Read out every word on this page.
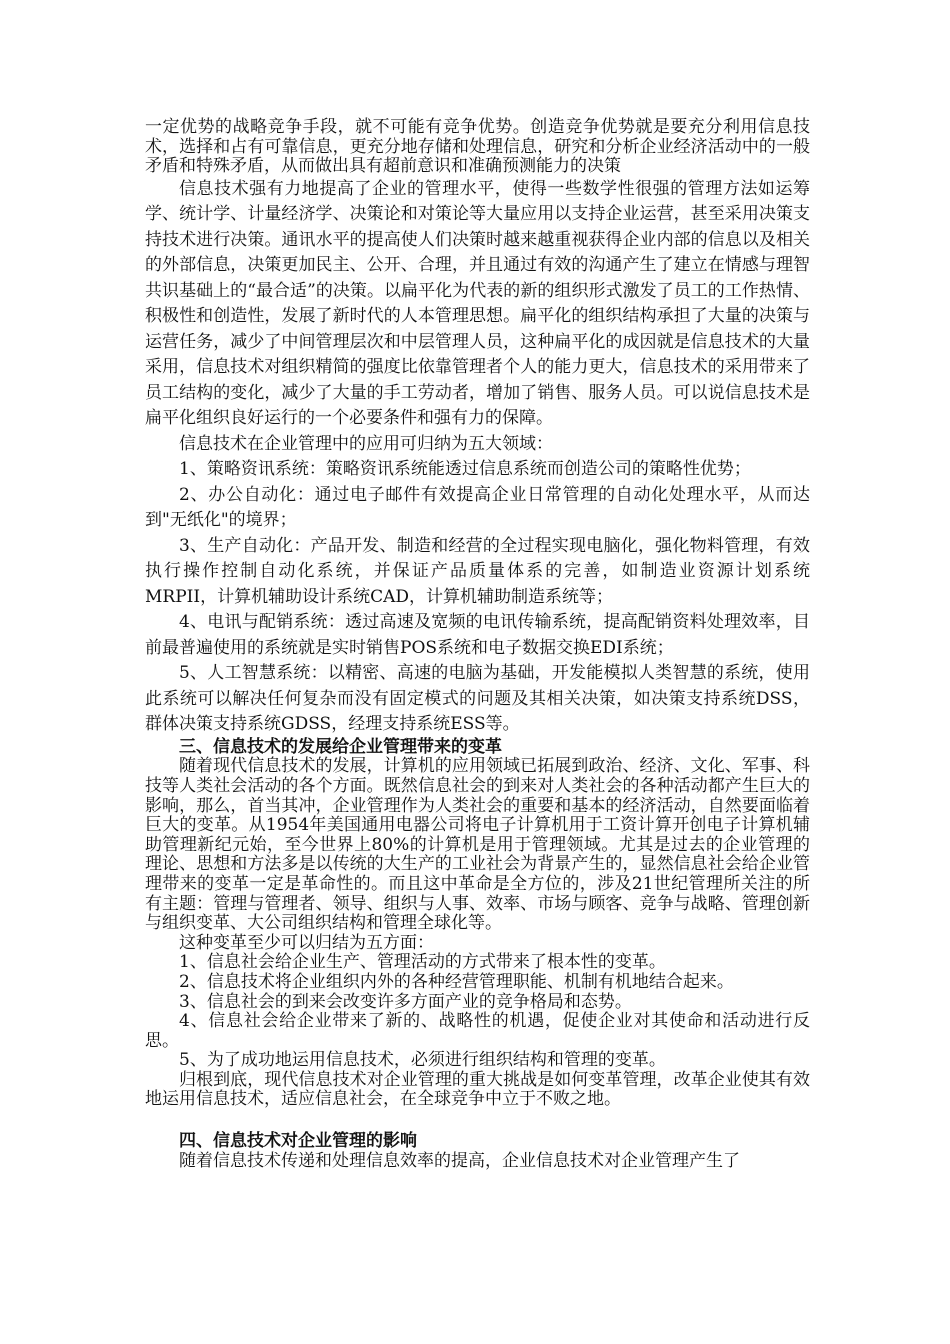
一定优势的战略竞争手段，就不可能有竞争优势。创造竞争优势就是要充分利用信息技术，选择和占有可靠信息，更充分地存储和处理信息，研究和分析企业经济活动中的一般矛盾和特殊矛盾，从而做出具有超前意识和准确预测能力的决策

信息技术强有力地提高了企业的管理水平，使得一些数学性很强的管理方法如运筹学、统计学、计量经济学、决策论和对策论等大量应用以支持企业运营，甚至采用决策支持技术进行决策。通讯水平的提高使人们决策时越来越重视获得企业内部的信息以及相关的外部信息，决策更加民主、公开、合理，并且通过有效的沟通产生了建立在情感与理智共识基础上的“最合适”的决策。以扁平化为代表的新的组织形式激发了员工的工作热情、积极性和创造性，发展了新时代的人本管理思想。扁平化的组织结构承担了大量的决策与运营任务，减少了中间管理层次和中层管理人员，这种扁平化的成因就是信息技术的大量采用，信息技术对组织精简的强度比依靠管理者个人的能力更大，信息技术的采用带来了员工结构的变化，减少了大量的手工劳动者，增加了销售、服务人员。可以说信息技术是扁平化组织良好运行的一个必要条件和强有力的保障。

信息技术在企业管理中的应用可归纳为五大领域：

1、策略资讯系统：策略资讯系统能透过信息系统而创造公司的策略性优势；

2、办公自动化：通过电子邮件有效提高企业日常管理的自动化处理水平，从而达到"无纸化"的境界；

3、生产自动化：产品开发、制造和经营的全过程实现电脑化，强化物料管理，有效执行操作控制自动化系统，并保证产品质量体系的完善，如制造业资源计划系统MRPII，计算机辅助设计系统CAD，计算机辅助制造系统等；

4、电讯与配销系统：透过高速及宽频的电讯传输系统，提高配销资料处理效率，目前最普遍使用的系统就是实时销售POS系统和电子数据交换EDI系统；

5、人工智慧系统：以精密、高速的电脑为基础，开发能模拟人类智慧的系统，使用此系统可以解决任何复杂而没有固定模式的问题及其相关决策，如决策支持系统DSS，群体决策支持系统GDSS，经理支持系统ESS等。

三、信息技术的发展给企业管理带来的变革

随着现代信息技术的发展，计算机的应用领域已拓展到政治、经济、文化、军事、科技等人类社会活动的各个方面。既然信息社会的到来对人类社会的各种活动都产生巨大的影响，那么，首当其冲，企业管理作为人类社会的重要和基本的经济活动，自然要面临着巨大的变革。从1954年美国通用电器公司将电子计算机用于工资计算开创电子计算机辅助管理新纪元始，至今世界上80%的计算机是用于管理领域。尤其是过去的企业管理的理论、思想和方法多是以传统的大生产的工业社会为背景产生的，显然信息社会给企业管理带来的变革一定是革命性的。而且这中革命是全方位的，涉及21世纪管理所关注的所有主题：管理与管理者、领导、组织与人事、效率、市场与顾客、竞争与战略、管理创新与组织变革、大公司组织结构和管理全球化等。

这种变革至少可以归结为五方面：

1、信息社会给企业生产、管理活动的方式带来了根本性的变革。

2、信息技术将企业组织内外的各种经营管理职能、机制有机地结合起来。

3、信息社会的到来会改变许多方面产业的竞争格局和态势。

4、信息社会给企业带来了新的、战略性的机遇，促使企业对其使命和活动进行反思。

5、为了成功地运用信息技术，必须进行组织结构和管理的变革。

归根到底，现代信息技术对企业管理的重大挑战是如何变革管理，改革企业使其有效地运用信息技术，适应信息社会，在全球竞争中立于不败之地。

四、信息技术对企业管理的影响

随着信息技术传递和处理信息效率的提高，企业信息技术对企业管理产生了
